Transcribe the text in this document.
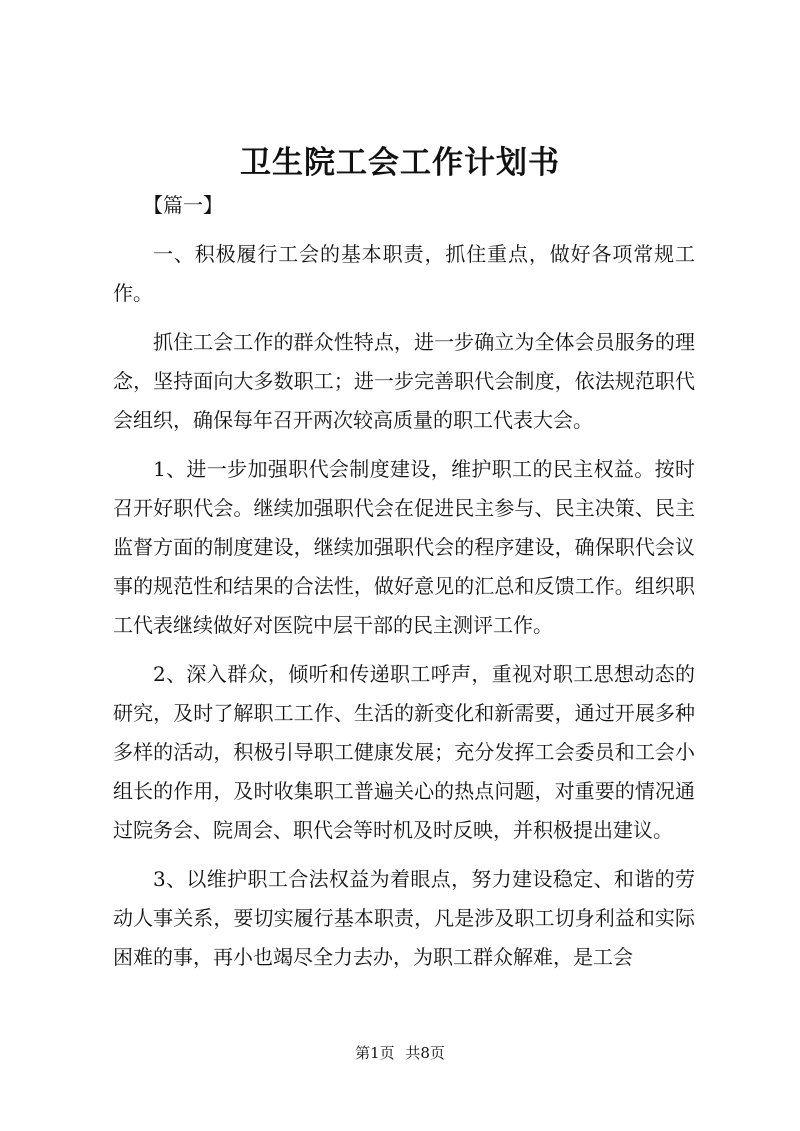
卫生院工会工作计划书

【篇一】

一、积极履行工会的基本职责，抓住重点，做好各项常规工作。

抓住工会工作的群众性特点，进一步确立为全体会员服务的理念，坚持面向大多数职工；进一步完善职代会制度，依法规范职代会组织，确保每年召开两次较高质量的职工代表大会。

1、进一步加强职代会制度建设，维护职工的民主权益。按时召开好职代会。继续加强职代会在促进民主参与、民主决策、民主监督方面的制度建设，继续加强职代会的程序建设，确保职代会议事的规范性和结果的合法性，做好意见的汇总和反馈工作。组织职工代表继续做好对医院中层干部的民主测评工作。

2、深入群众，倾听和传递职工呼声，重视对职工思想动态的研究，及时了解职工工作、生活的新变化和新需要，通过开展多种多样的活动，积极引导职工健康发展；充分发挥工会委员和工会小组长的作用，及时收集职工普遍关心的热点问题，对重要的情况通过院务会、院周会、职代会等时机及时反映，并积极提出建议。

3、以维护职工合法权益为着眼点，努力建设稳定、和谐的劳动人事关系，要切实履行基本职责，凡是涉及职工切身利益和实际困难的事，再小也竭尽全力去办，为职工群众解难，是工会

第1页 共8页
